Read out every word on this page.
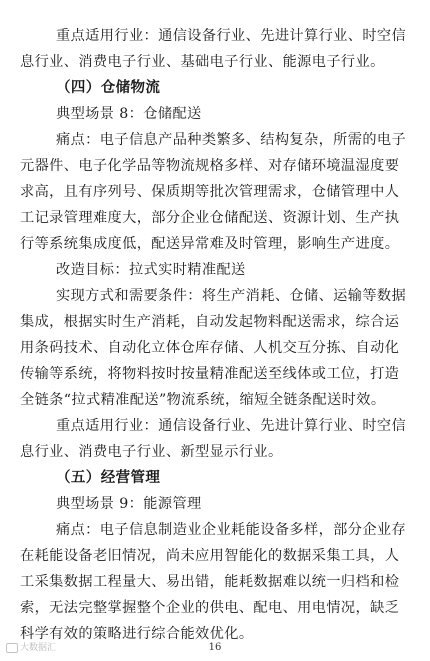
重点适用行业：通信设备行业、先进计算行业、时空信
息行业、消费电子行业、基础电子行业、能源电子行业。
（四）仓储物流
典型场景 8：仓储配送
痛点：电子信息产品种类繁多、结构复杂，所需的电子
元器件、电子化学品等物流规格多样、对存储环境温湿度要
求高，且有序列号、保质期等批次管理需求，仓储管理中人
工记录管理难度大，部分企业仓储配送、资源计划、生产执
行等系统集成度低，配送异常难及时管理，影响生产进度。
改造目标：拉式实时精准配送
实现方式和需要条件：将生产消耗、仓储、运输等数据
集成，根据实时生产消耗，自动发起物料配送需求，综合运
用条码技术、自动化立体仓库存储、人机交互分拣、自动化
传输等系统，将物料按时按量精准配送至线体或工位，打造
全链条“拉式精准配送”物流系统，缩短全链条配送时效。
重点适用行业：通信设备行业、先进计算行业、时空信
息行业、消费电子行业、新型显示行业。
（五）经营管理
典型场景 9：能源管理
痛点：电子信息制造业企业耗能设备多样，部分企业存
在耗能设备老旧情况，尚未应用智能化的数据采集工具，人
工采集数据工程量大、易出错，能耗数据难以统一归档和检
索，无法完整掌握整个企业的供电、配电、用电情况，缺乏
科学有效的策略进行综合能效优化。
大数据汇	16
